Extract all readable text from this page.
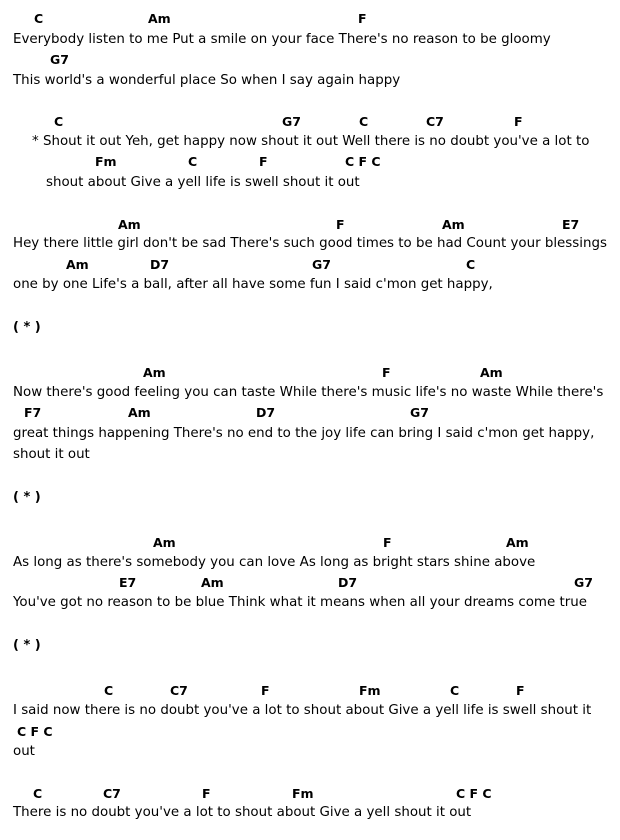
C	Am	F
Everybody listen to me Put a smile on your face There's no reason to be gloomy
G7
This world's a wonderful place So when I say again happy
C	G7	C	C7	F
* Shout it out Yeh, get happy now shout it out Well there is no doubt you've a lot to
Fm	C	F	C F C
shout about Give a yell life is swell shout it out
Am	F	Am	E7
Hey there little girl don't be sad There's such good times to be had Count your blessings
Am	D7	G7	C
one by one Life's a ball, after all have some fun I said c'mon get happy,
( * )
Am	F	Am
Now there's good feeling you can taste While there's music life's no waste While there's
F7	Am	D7	G7
great things happening There's no end to the joy life can bring I said c'mon get happy,
shout it out
( * )
Am	F	Am
As long as there's somebody you can love As long as bright stars shine above
E7	Am	D7	G7
You've got no reason to be blue Think what it means when all your dreams come true
( * )
C	C7	F	Fm	C	F
I said now there is no doubt you've a lot to shout about Give a yell life is swell shout it
C F C
out
C	C7	F	Fm	C F C
There is no doubt you've a lot to shout about Give a yell shout it out
